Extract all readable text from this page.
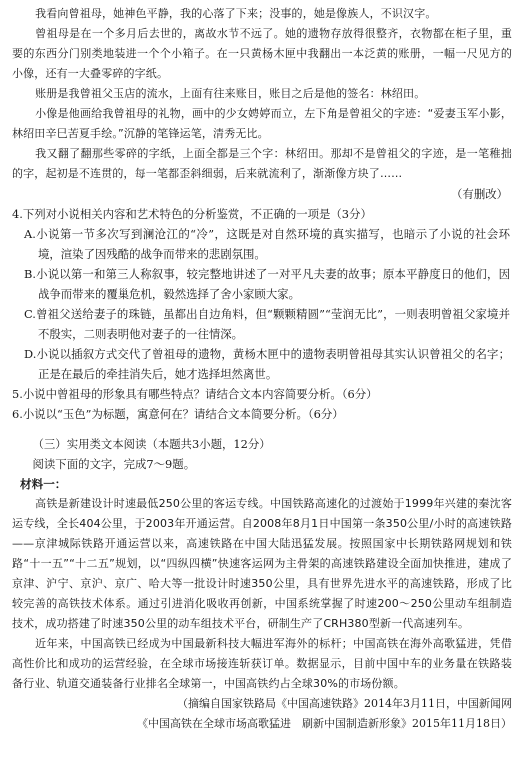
我看向曾祖母，她神色平静，我的心落了下来；没事的，她是像族人，不识汉字。

曾祖母是在一个多月后去世的，离故水节不远了。她的遗物存放得很整齐，衣物都在柜子里，重要的东西分门别类地装进一个个小箱子。在一只黄杨木匣中我翻出一本泛黄的账册，一幅一尺见方的小像，还有一大叠零碎的字纸。

账册是我曾祖父玉店的流水，上面有往来账目，账目之后是他的签名：林绍田。

小像是他画给我曾祖母的礼物，画中的少女娉婷而立，左下角是曾祖父的字迹：“爱妻玉军小影，林绍田辛巳苦夏手绘。”沉静的笔锋运笔，清秀无比。

我又翻了翻那些零碎的字纸，上面全都是三个字：林绍田。那却不是曾祖父的字迹，是一笔稚拙的字，起初是不连贯的，每一笔都歪斜细弱，后来就流利了，渐渐像方块了……

（有删改）

4.下列对小说相关内容和艺术特色的分析鉴赏，不正确的一项是（3分）

A.小说第一节多次写到澜沧江的“冷”，这既是对自然环境的真实描写，也暗示了小说的社会环境，渲染了因残酷的战争而带来的悲剧氛围。

B.小说以第一和第三人称叙事，较完整地讲述了一对平凡夫妻的故事；原本平静度日的他们，因战争而带来的覆巢危机，毅然选择了舍小家顾大家。

C.曾祖父送给妻子的珠链，虽都出自边角料，但“颗颗精圆”“莹润无比”，一则表明曾祖父家境并不殷实，二则表明他对妻子的一往情深。

D.小说以插叙方式交代了曾祖母的遗物，黄杨木匣中的遗物表明曾祖母其实认识曾祖父的名字；正是在最后的牵挂消失后，她才选择坦然离世。

5.小说中曾祖母的形象具有哪些特点？请结合文本内容简要分析。（6分）

6.小说以“玉色”为标题，寓意何在？请结合文本简要分析。（6分）

（三）实用类文本阅读（本题共3小题，12分）

阅读下面的文字，完成7～9题。

材料一：

高铁是新建设计时速最低250公里的客运专线。中国铁路高速化的过渡始于1999年兴建的秦沈客运专线，全长404公里，于2003年开通运营。自2008年8月1日中国第一条350公里/小时的高速铁路——京津城际铁路开通运营以来，高速铁路在中国大陆迅猛发展。按照国家中长期铁路网规划和铁路“十一五”“十二五”规划，以“四纵四横”快速客运网为主骨架的高速铁路建设全面加快推进，建成了京津、沪宁、京沪、京广、哈大等一批设计时速350公里，具有世界先进水平的高速铁路，形成了比较完善的高铁技术体系。通过引进消化吸收再创新，中国系统掌握了时速200～250公里动车组制造技术，成功搭建了时速350公里的动车组技术平台，研制生产了CRH380型新一代高速列车。

近年来，中国高铁已经成为中国最新科技大幅进军海外的标杆；中国高铁在海外高歌猛进，凭借高性价比和成功的运营经验，在全球市场接连斩获订单。数据显示，目前中国中车的业务量在铁路装备行业、轨道交通装备行业排名全球第一，中国高铁约占全球30%的市场份额。

（摘编自国家铁路局《中国高速铁路》2014年3月11日，中国新闻网

《中国高铁在全球市场高歌猛进　刷新中国制造新形象》2015年11月18日）
